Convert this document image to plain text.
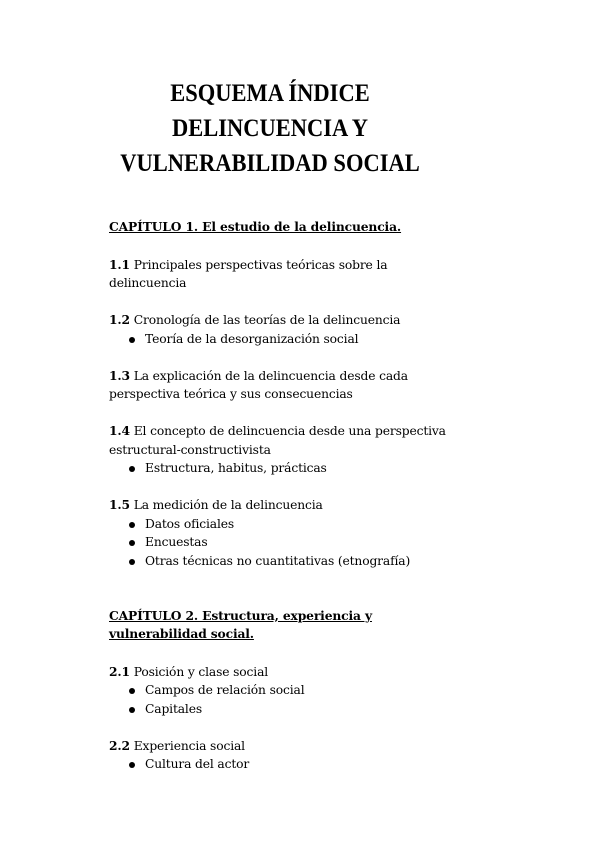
ESQUEMA ÍNDICE
DELINCUENCIA Y
VULNERABILIDAD SOCIAL
CAPÍTULO 1. El estudio de la delincuencia.
1.1 Principales perspectivas teóricas sobre la
delincuencia
1.2 Cronología de las teorías de la delincuencia
Teoría de la desorganización social
1.3 La explicación de la delincuencia desde cada
perspectiva teórica y sus consecuencias
1.4 El concepto de delincuencia desde una perspectiva
estructural-constructivista
Estructura, habitus, prácticas
1.5 La medición de la delincuencia
Datos oficiales
Encuestas
Otras técnicas no cuantitativas (etnografía)
CAPÍTULO 2. Estructura, experiencia y
vulnerabilidad social.
2.1 Posición y clase social
Campos de relación social
Capitales
2.2 Experiencia social
Cultura del actor
